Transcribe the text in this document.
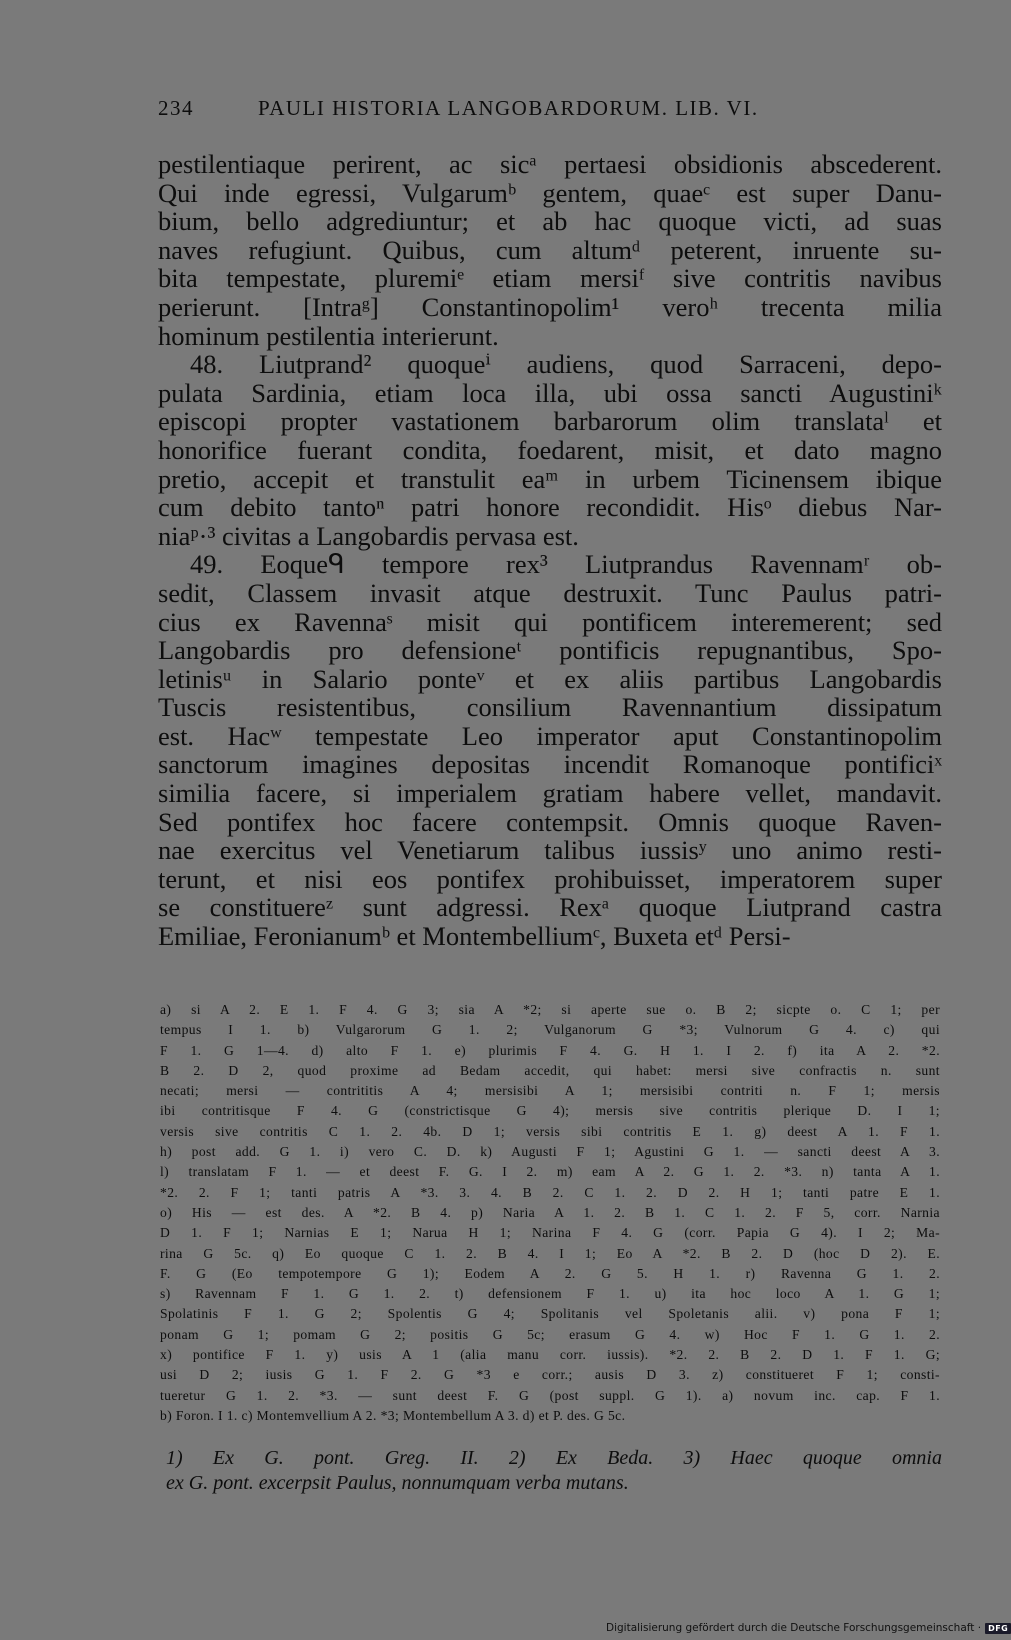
234	PAULI HISTORIA LANGOBARDORUM. LIB. VI.
pestilentiaque perirent, ac sicᵃ pertaesi obsidionis abscederent.
Qui inde egressi, Vulgarumᵇ gentem, quaeᶜ est super Danu-
bium, bello adgrediuntur; et ab hac quoque victi, ad suas
naves refugiunt. Quibus, cum altumᵈ peterent, inruente su-
bita tempestate, pluremiᵉ etiam mersiᶠ sive contritis navibus
perierunt. [Intraᵍ] Constantinopolim¹ veroʰ trecenta milia
hominum pestilentia interierunt.
48. Liutprand² quoqueⁱ audiens, quod Sarraceni, depo-
pulata Sardinia, etiam loca illa, ubi ossa sancti Augustiniᵏ
episcopi propter vastationem barbarorum olim translataˡ et
honorifice fuerant condita, foedarent, misit, et dato magno
pretio, accepit et transtulit eaᵐ in urbem Ticinensem ibique
cum debito tantoⁿ patri honore recondidit. Hisᵒ diebus Nar-
niaᵖ·³ civitas a Langobardis pervasa est.
49. Eoqueᑫ tempore rex³ Liutprandus Ravennamʳ ob-
sedit, Classem invasit atque destruxit. Tunc Paulus patri-
cius ex Ravennaˢ misit qui pontificem interemerent; sed
Langobardis pro defensioneᵗ pontificis repugnantibus, Spo-
letinisᵘ in Salario ponteᵛ et ex aliis partibus Langobardis
Tuscis resistentibus, consilium Ravennantium dissipatum
est. Hacʷ tempestate Leo imperator aput Constantinopolim
sanctorum imagines depositas incendit Romanoque pontificiˣ
similia facere, si imperialem gratiam habere vellet, mandavit.
Sed pontifex hoc facere contempsit. Omnis quoque Raven-
nae exercitus vel Venetiarum talibus iussisʸ uno animo resti-
terunt, et nisi eos pontifex prohibuisset, imperatorem super
se constituereᶻ sunt adgressi. Rexᵃ quoque Liutprand castra
Emiliae, Feronianumᵇ et Montembelliumᶜ, Buxeta etᵈ Persi-
a) si A 2. E 1. F 4. G 3; sia A *2; si aperte sue o. B 2; sicpte o. C 1; per
tempus I 1. b) Vulgarorum G 1. 2; Vulganorum G *3; Vulnorum G 4. c) qui
F 1. G 1—4. d) alto F 1. e) plurimis F 4. G. H 1. I 2. f) ita A 2. *2.
B 2. D 2, quod proxime ad Bedam accedit, qui habet: mersi sive confractis n. sunt
necati; mersi — contrititis A 4; mersisibi A 1; mersisibi contriti n. F 1; mersis
ibi contritisque F 4. G (constrictisque G 4); mersis sive contritis plerique D. I 1;
versis sive contritis C 1. 2. 4b. D 1; versis sibi contritis E 1. g) deest A 1. F 1.
h) post add. G 1. i) vero C. D. k) Augusti F 1; Agustini G 1. — sancti deest A 3.
l) translatam F 1. — et deest F. G. I 2. m) eam A 2. G 1. 2. *3. n) tanta A 1.
*2. 2. F 1; tanti patris A *3. 3. 4. B 2. C 1. 2. D 2. H 1; tanti patre E 1.
o) His — est des. A *2. B 4. p) Naria A 1. 2. B 1. C 1. 2. F 5, corr. Narnia
D 1. F 1; Narnias E 1; Narua H 1; Narina F 4. G (corr. Papia G 4). I 2; Ma-
rina G 5c. q) Eo quoque C 1. 2. B 4. I 1; Eo A *2. B 2. D (hoc D 2). E.
F. G (Eo tempotempore G 1); Eodem A 2. G 5. H 1. r) Ravenna G 1. 2.
s) Ravennam F 1. G 1. 2. t) defensionem F 1. u) ita hoc loco A 1. G 1;
Spolatinis F 1. G 2; Spolentis G 4; Spolitanis vel Spoletanis alii. v) pona F 1;
ponam G 1; pomam G 2; positis G 5c; erasum G 4. w) Hoc F 1. G 1. 2.
x) pontifice F 1. y) usis A 1 (alia manu corr. iussis). *2. 2. B 2. D 1. F 1. G;
usi D 2; iusis G 1. F 2. G *3 e corr.; ausis D 3. z) constitueret F 1; consti-
tueretur G 1. 2. *3. — sunt deest F. G (post suppl. G 1). a) novum inc. cap. F 1.
b) Foron. I 1. c) Montemvellium A 2. *3; Montembellum A 3. d) et P. des. G 5c.
1) Ex G. pont. Greg. II. 2) Ex Beda. 3) Haec quoque omnia
ex G. pont. excerpsit Paulus, nonnumquam verba mutans.
Digitalisierung gefördert durch die Deutsche Forschungsgemeinschaft · DFG
